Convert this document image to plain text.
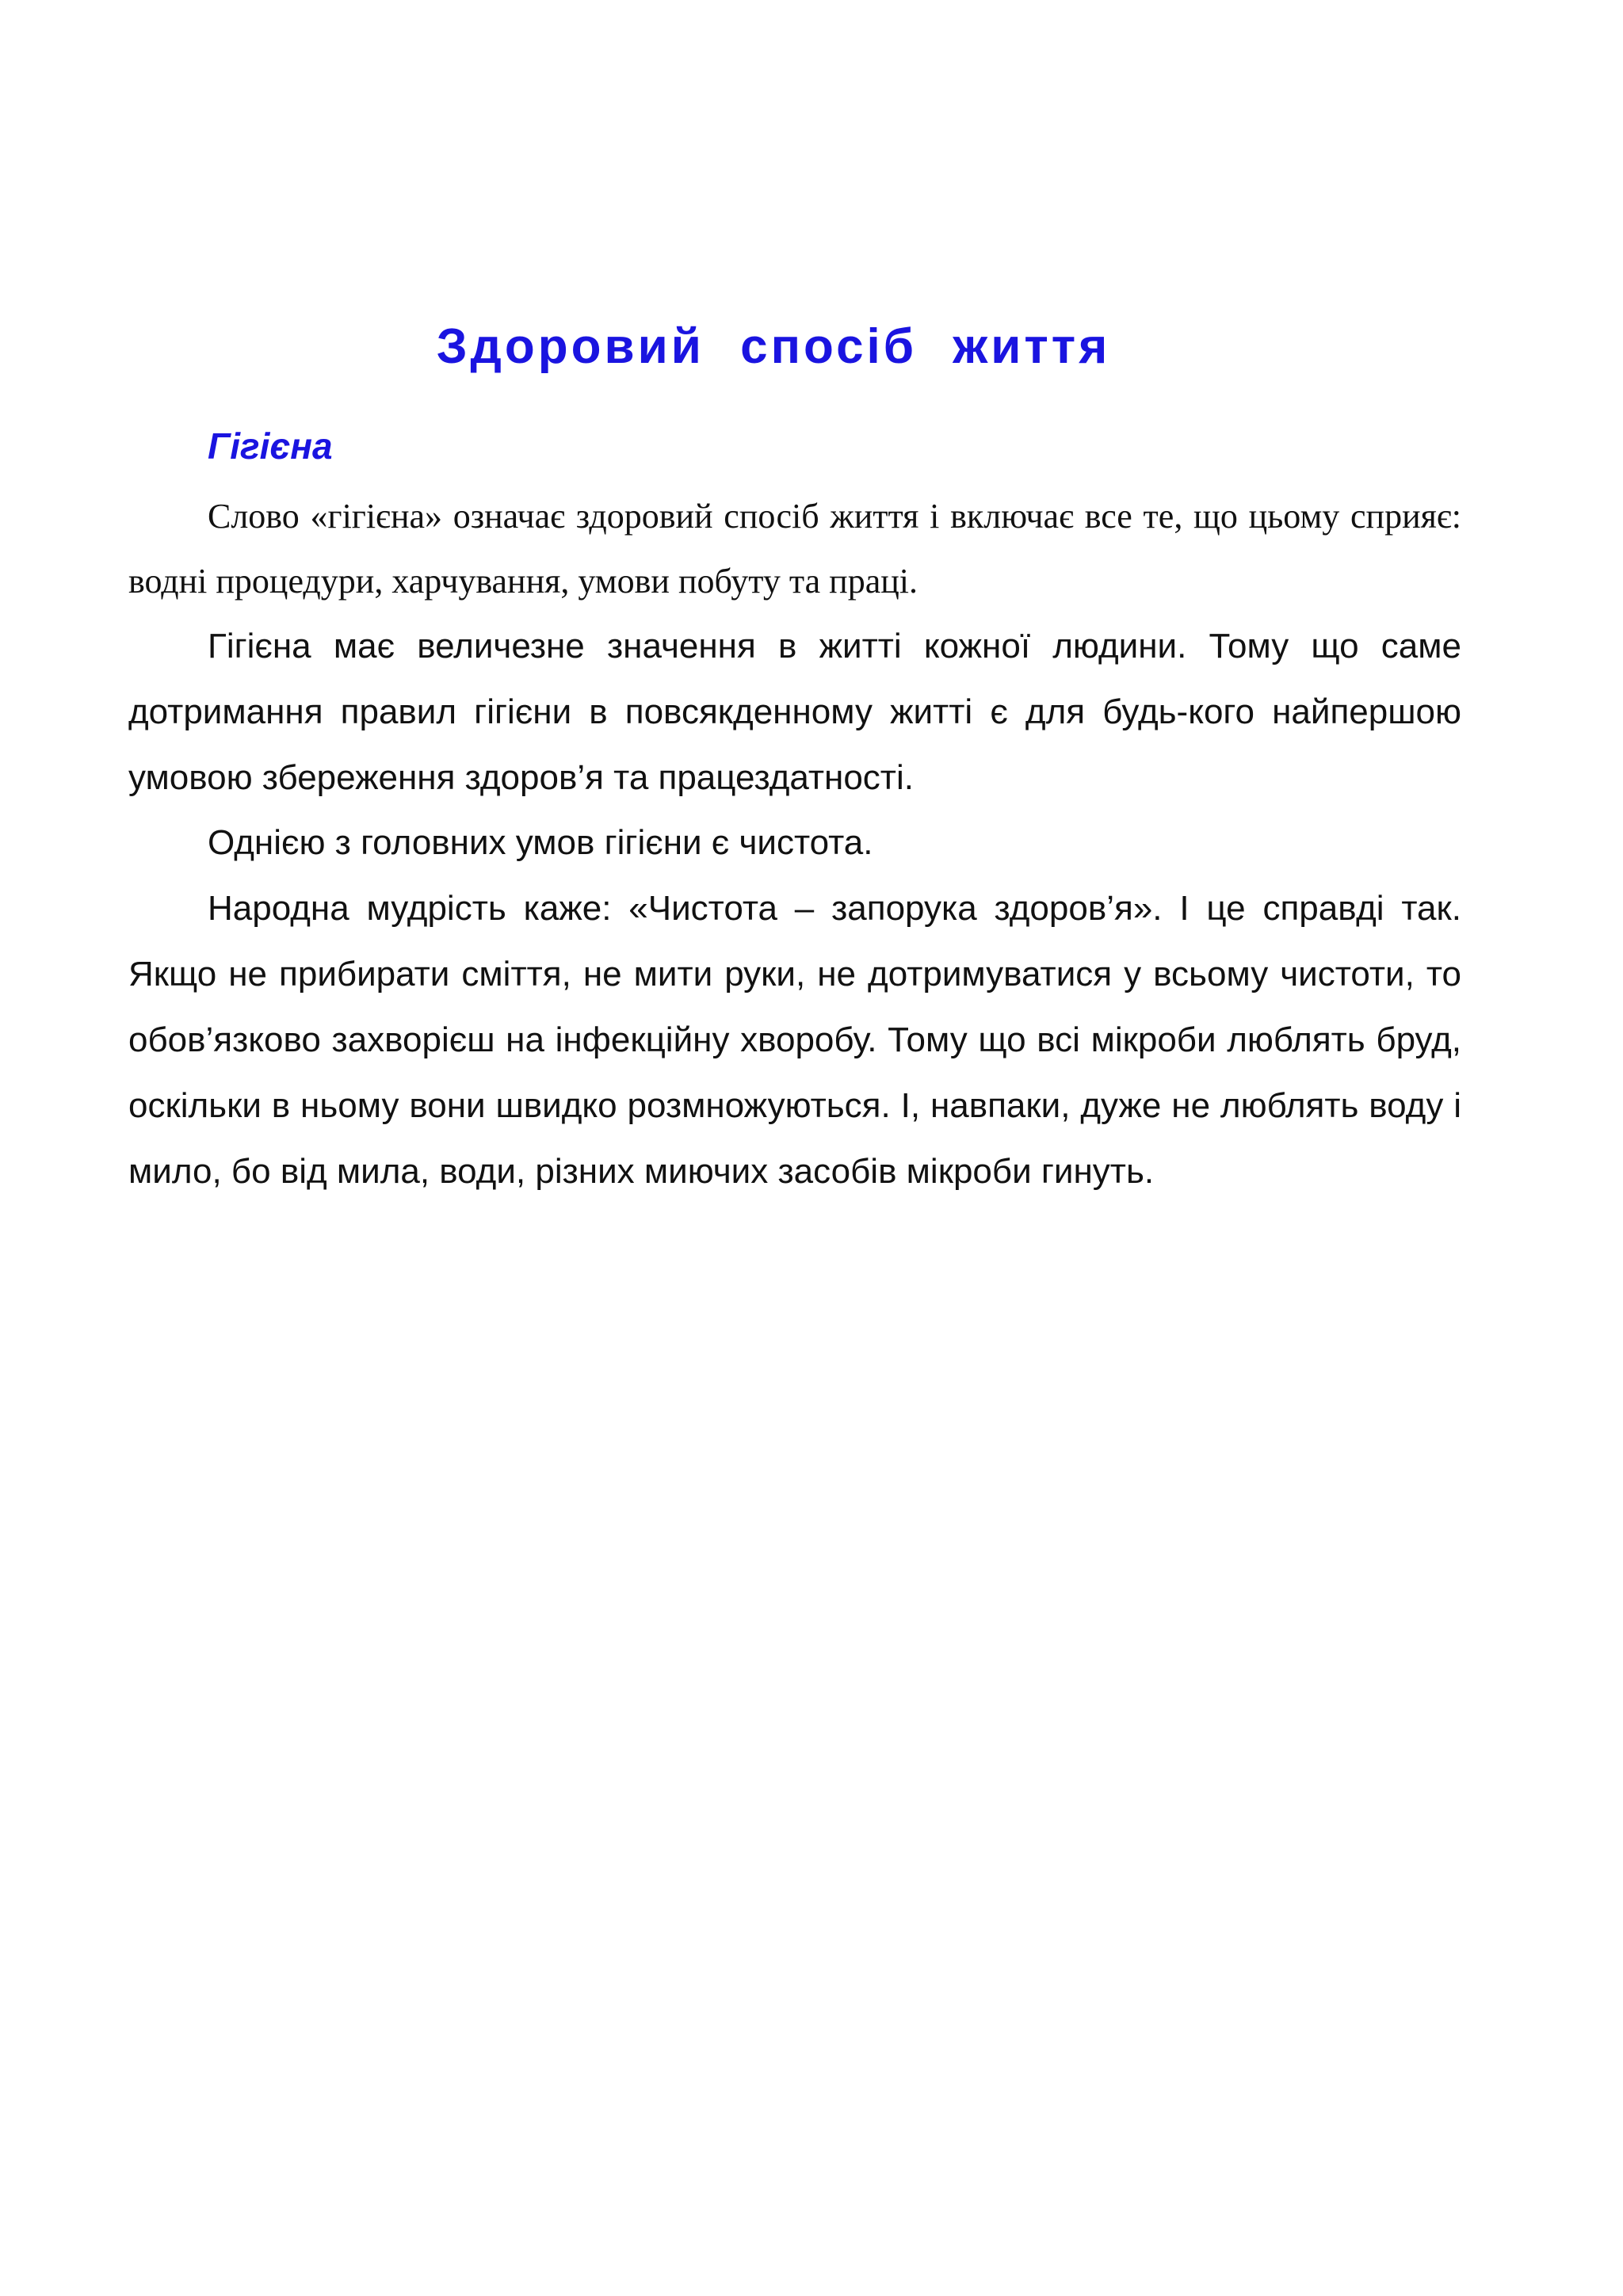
Здоровий спосіб життя
Гігієна

Слово «гігієна» означає здоровий спосіб життя і включає все те, що цьому сприяє: водні процедури, харчування, умови побуту та праці.

Гігієна має величезне значення в житті кожної людини. Тому що саме дотримання правил гігієни в повсякденному житті є для будь-кого найпершою умовою збереження здоров’я та працездатності.

Однією з головних умов гігієни є чистота.

Народна мудрість каже: «Чистота – запорука здоров’я». І це справді так. Якщо не прибирати сміття, не мити руки, не дотримуватися у всьому чистоти, то обов’язково захворієш на інфекційну хворобу. Тому що всі мікроби люблять бруд, оскільки в ньому вони швидко розмножуються. І, навпаки, дуже не люблять воду і мило, бо від мила, води, різних миючих засобів мікроби гинуть.
